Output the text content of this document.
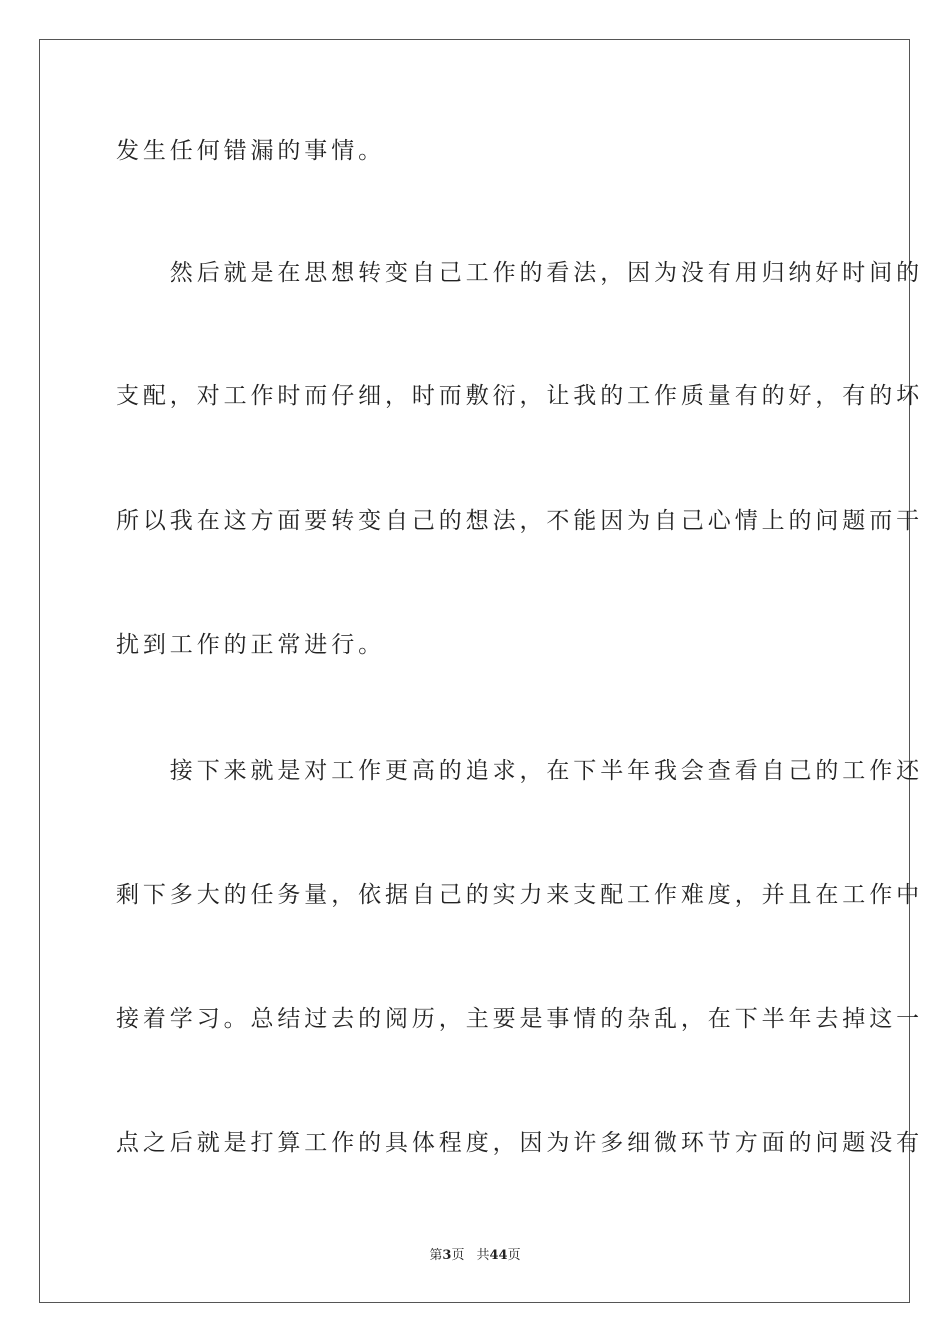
发生任何错漏的事情。
　　然后就是在思想转变自己工作的看法，因为没有用归纳好时间的
支配，对工作时而仔细，时而敷衍，让我的工作质量有的好，有的坏
所以我在这方面要转变自己的想法，不能因为自己心情上的问题而干
扰到工作的正常进行。
　　接下来就是对工作更高的追求，在下半年我会查看自己的工作还
剩下多大的任务量，依据自己的实力来支配工作难度，并且在工作中
接着学习。总结过去的阅历，主要是事情的杂乱，在下半年去掉这一
点之后就是打算工作的具体程度，因为许多细微环节方面的问题没有
第3页 共44页
